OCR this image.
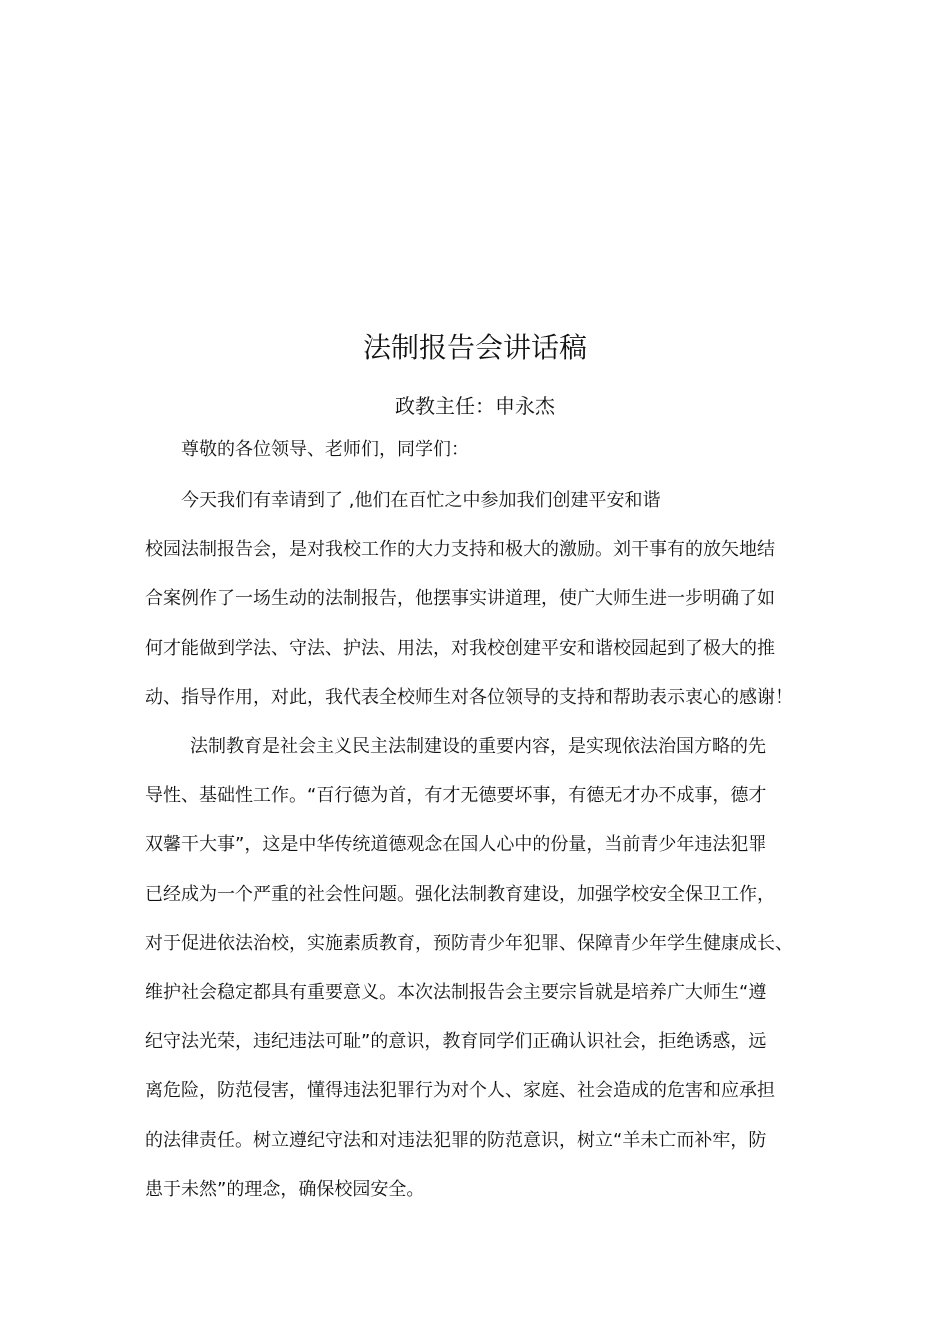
法制报告会讲话稿
政教主任：申永杰
尊敬的各位领导、老师们，同学们：

今天我们有幸请到了 ,他们在百忙之中参加我们创建平安和谐
校园法制报告会，是对我校工作的大力支持和极大的激励。刘干事有的放矢地结
合案例作了一场生动的法制报告，他摆事实讲道理，使广大师生进一步明确了如
何才能做到学法、守法、护法、用法，对我校创建平安和谐校园起到了极大的推
动、指导作用，对此，我代表全校师生对各位领导的支持和帮助表示衷心的感谢！

法制教育是社会主义民主法制建设的重要内容，是实现依法治国方略的先
导性、基础性工作。“百行德为首，有才无德要坏事，有德无才办不成事，德才
双馨干大事”，这是中华传统道德观念在国人心中的份量，当前青少年违法犯罪
已经成为一个严重的社会性问题。强化法制教育建设，加强学校安全保卫工作，
对于促进依法治校，实施素质教育，预防青少年犯罪、保障青少年学生健康成长、
维护社会稳定都具有重要意义。本次法制报告会主要宗旨就是培养广大师生“遵
纪守法光荣，违纪违法可耻”的意识，教育同学们正确认识社会，拒绝诱惑，远
离危险，防范侵害，懂得违法犯罪行为对个人、家庭、社会造成的危害和应承担
的法律责任。树立遵纪守法和对违法犯罪的防范意识，树立“羊未亡而补牢，防
患于未然”的理念，确保校园安全。
